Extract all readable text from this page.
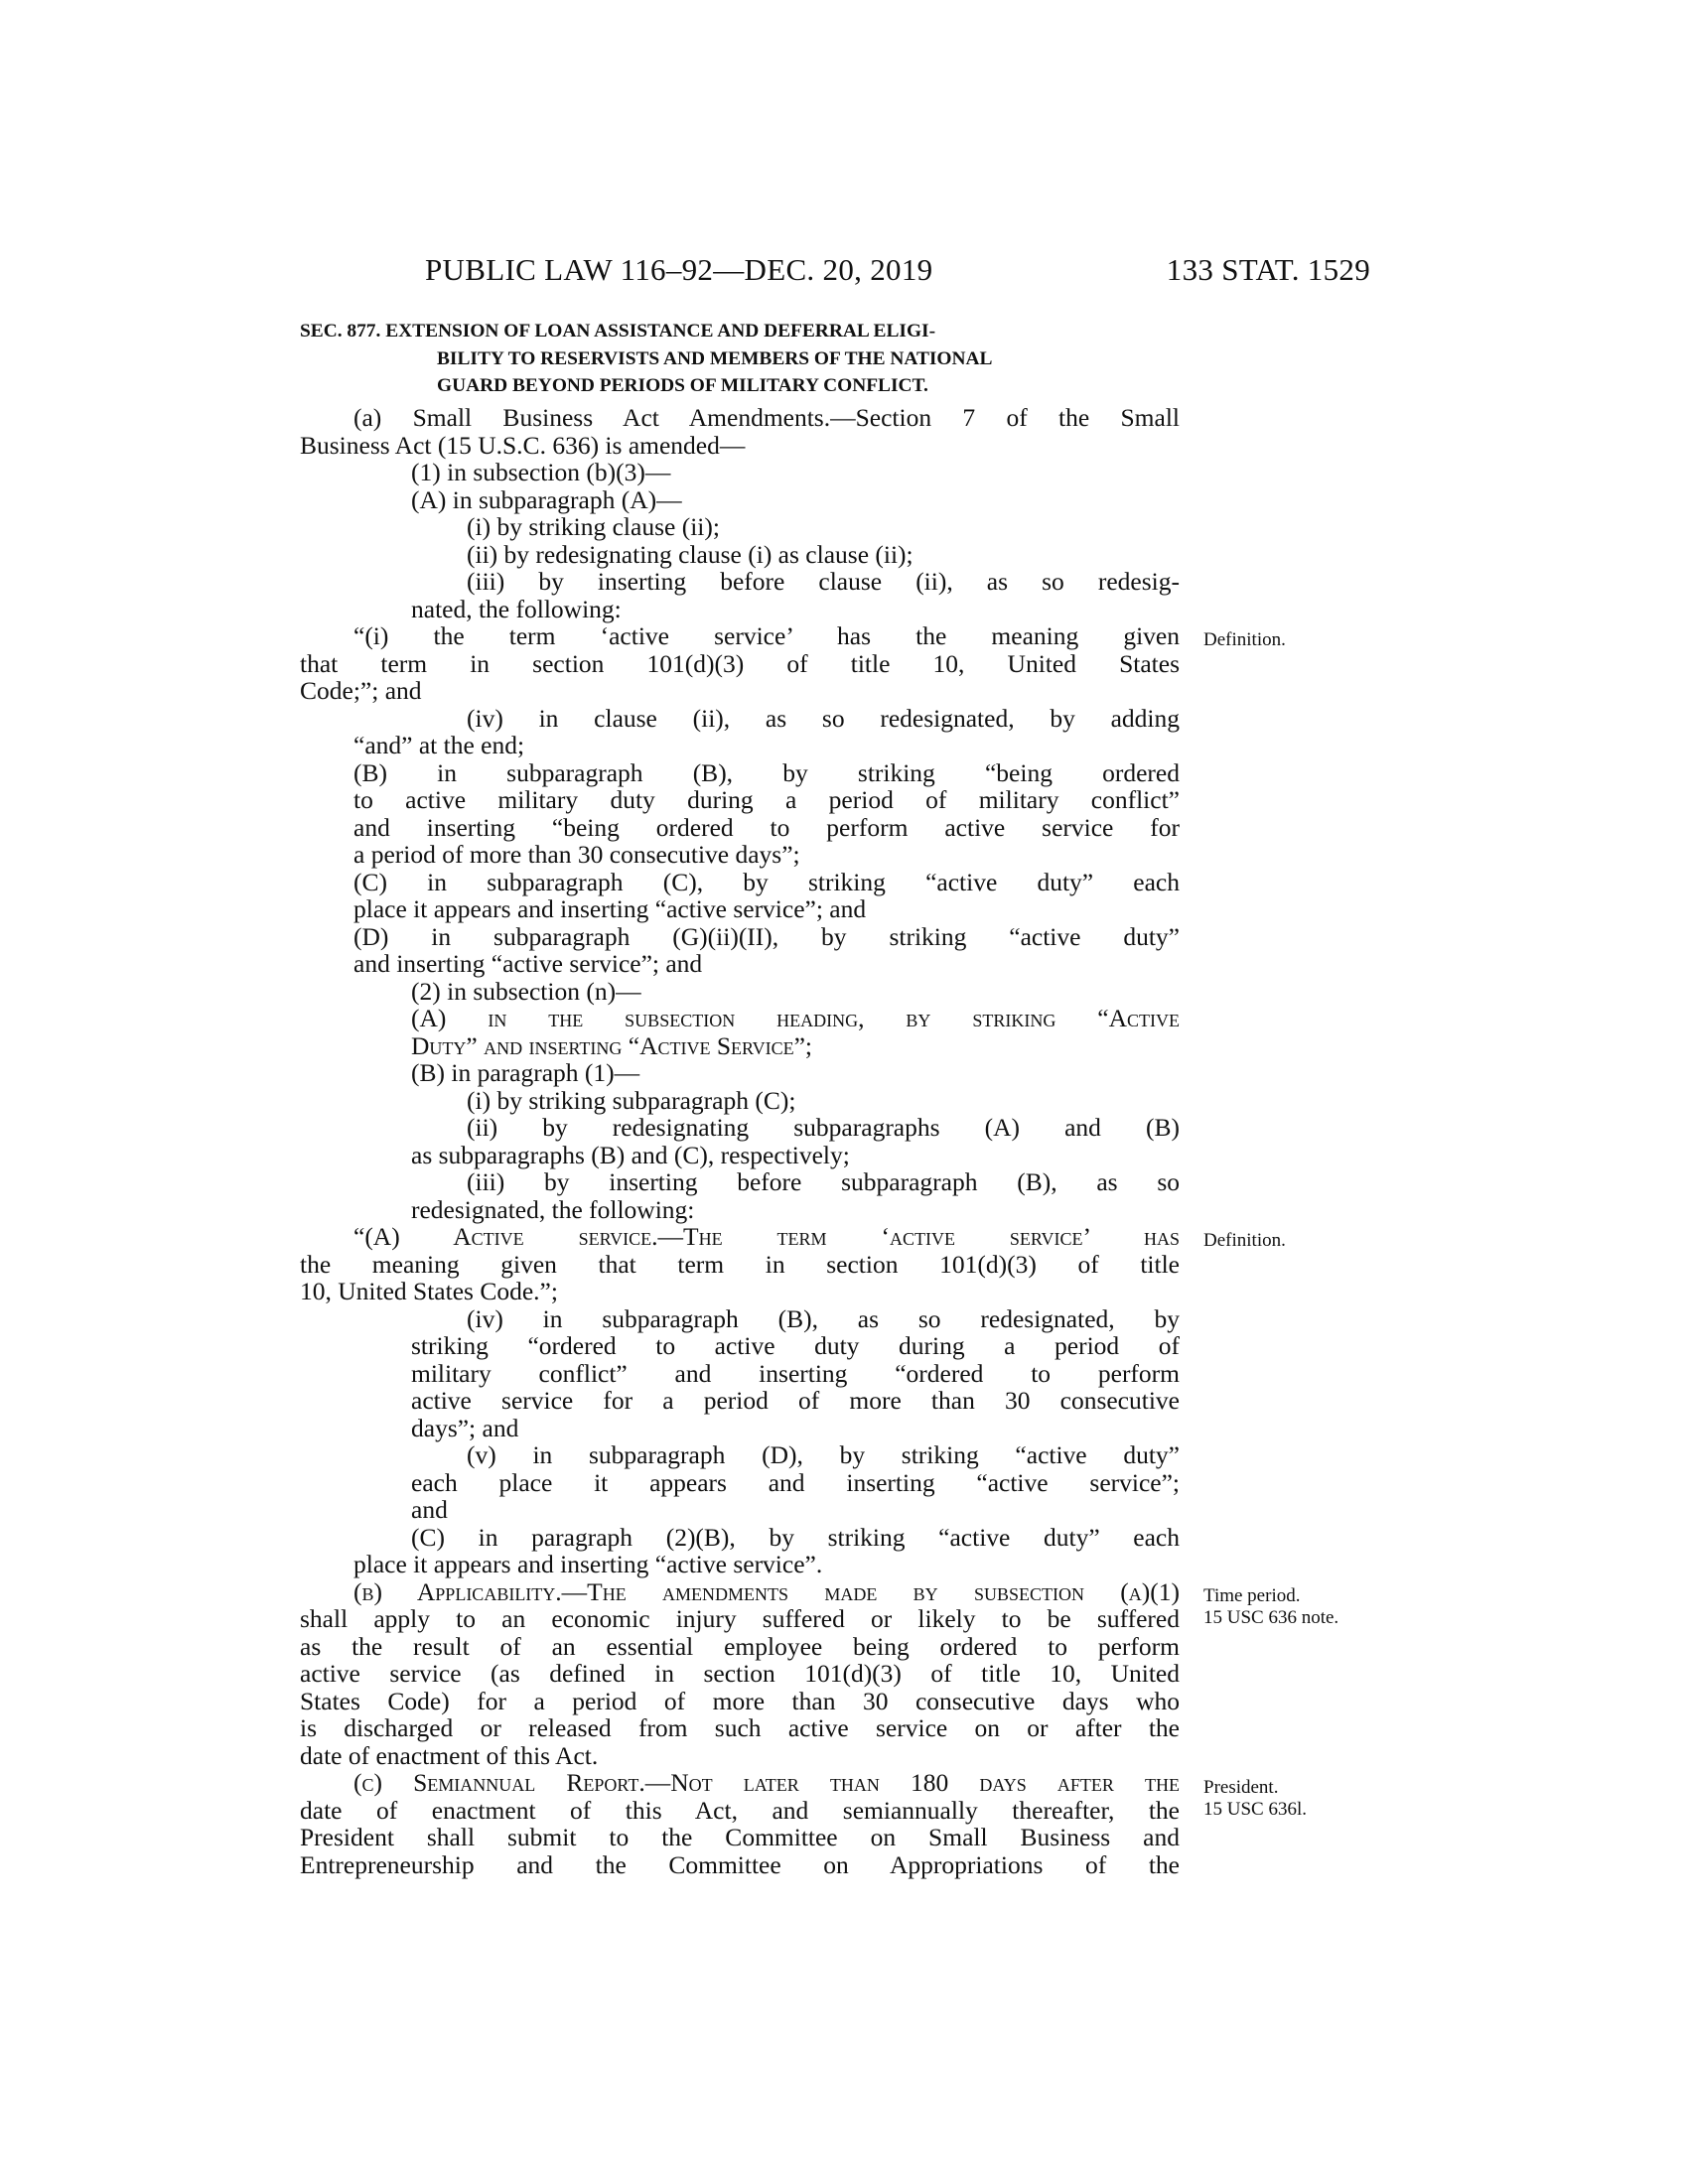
PUBLIC LAW 116–92—DEC. 20, 2019	133 STAT. 1529
SEC. 877. EXTENSION OF LOAN ASSISTANCE AND DEFERRAL ELIGI-
BILITY TO RESERVISTS AND MEMBERS OF THE NATIONAL
GUARD BEYOND PERIODS OF MILITARY CONFLICT.
(a) Small Business Act Amendments.—Section 7 of the Small
Business Act (15 U.S.C. 636) is amended—
(1) in subsection (b)(3)—
(A) in subparagraph (A)—
(i) by striking clause (ii);
(ii) by redesignating clause (i) as clause (ii);
(iii) by inserting before clause (ii), as so redesig-
nated, the following:
“(i) the term ‘active service’ has the meaning given
that term in section 101(d)(3) of title 10, United States
Code;”; and
(iv) in clause (ii), as so redesignated, by adding
“and” at the end;
(B) in subparagraph (B), by striking “being ordered
to active military duty during a period of military conflict”
and inserting “being ordered to perform active service for
a period of more than 30 consecutive days”;
(C) in subparagraph (C), by striking “active duty” each
place it appears and inserting “active service”; and
(D) in subparagraph (G)(ii)(II), by striking “active duty”
and inserting “active service”; and
(2) in subsection (n)—
(A) in the subsection heading, by striking “Active
Duty” and inserting “Active Service”;
(B) in paragraph (1)—
(i) by striking subparagraph (C);
(ii) by redesignating subparagraphs (A) and (B)
as subparagraphs (B) and (C), respectively;
(iii) by inserting before subparagraph (B), as so
redesignated, the following:
“(A) Active service.—The term ‘active service’ has
the meaning given that term in section 101(d)(3) of title
10, United States Code.”;
(iv) in subparagraph (B), as so redesignated, by
striking “ordered to active duty during a period of
military conflict” and inserting “ordered to perform
active service for a period of more than 30 consecutive
days”; and
(v) in subparagraph (D), by striking “active duty”
each place it appears and inserting “active service”;
and
(C) in paragraph (2)(B), by striking “active duty” each
place it appears and inserting “active service”.
(b) Applicability.—The amendments made by subsection (a)(1)
shall apply to an economic injury suffered or likely to be suffered
as the result of an essential employee being ordered to perform
active service (as defined in section 101(d)(3) of title 10, United
States Code) for a period of more than 30 consecutive days who
is discharged or released from such active service on or after the
date of enactment of this Act.
(c) Semiannual Report.—Not later than 180 days after the
date of enactment of this Act, and semiannually thereafter, the
President shall submit to the Committee on Small Business and
Entrepreneurship and the Committee on Appropriations of the
Definition.
Definition.
Time period.
15 USC 636 note.
President.
15 USC 636l.
